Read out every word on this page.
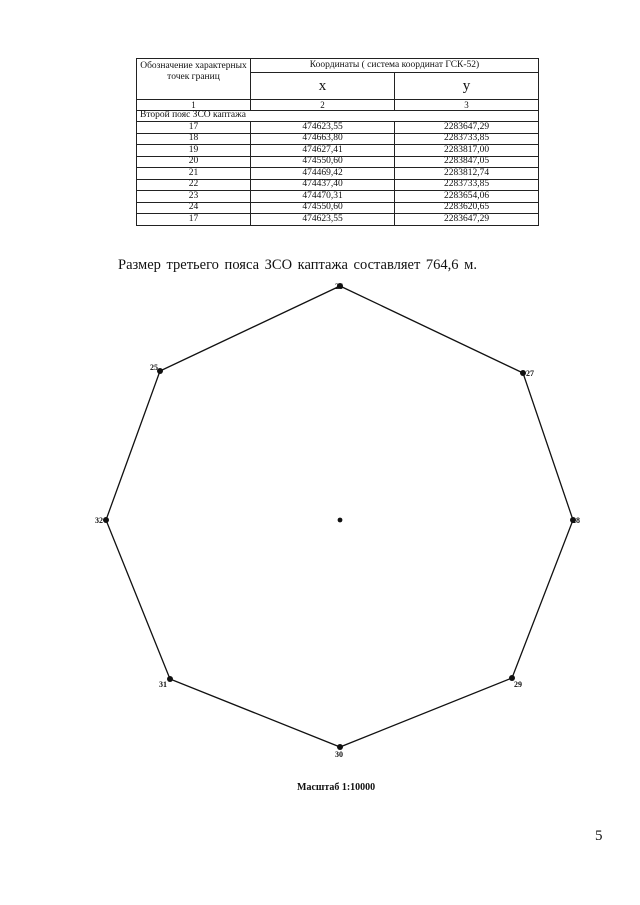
Обозначение характерных точек границ	Координаты ( система координат ГСК-52)	
	x	y
1	2	3
Второй пояс ЗСО каптажа		
17	474623,55	2283647,29
18	474663,80	2283733,85
19	474627,41	2283817,00
20	474550,60	2283847,05
21	474469,42	2283812,74
22	474437,40	2283733,85
23	474470,31	2283654,06
24	474550,60	2283620,65
17	474623,55	2283647,29
Размер третьего пояса ЗСО каптажа составляет 764,6 м.
26
27
28
29
30
31
32
25
Масштаб 1:10000
5
